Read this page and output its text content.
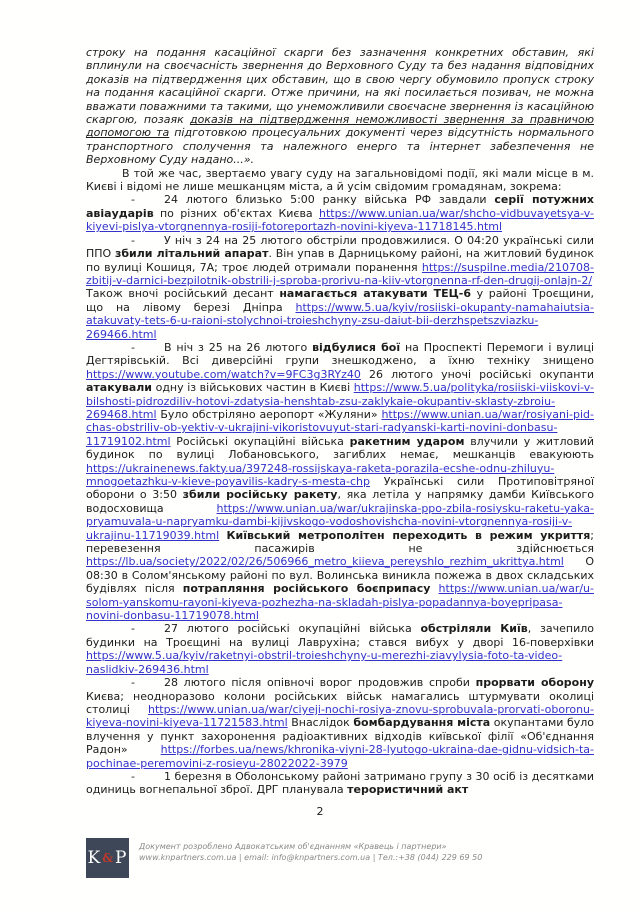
строку на подання касаційної скарги без зазначення конкретних обставин, які вплинули на своєчасність звернення до Верховного Суду та без надання відповідних доказів на підтвердження цих обставин, що в свою чергу обумовило пропуск строку на подання касаційної скарги. Отже причини, на які посилається позивач, не можна вважати поважними та такими, що унеможливили своєчасне звернення із касаційною скаргою, позаяк доказів на підтвердження неможливості звернення за правничою допомогою та підготовкою процесуальних документі через відсутність нормального транспортного сполучення та належного енерго та інтернет забезпечення не Верховному Суду надано...».

В той же час, звертаємо увагу суду на загальновідомі події, які мали місце в м. Києві і відомі не лише мешканцям міста, а й усім свідомим громадянам, зокрема:

-	24 лютого близько 5:00 ранку війська РФ завдали серії потужних авіаударів по різних об'єктах Києва https://www.unian.ua/war/shcho-vidbuvayetsya-v-kiyevi-pislya-vtorgnennya-rosiji-fotoreportazh-novini-kiyeva-11718145.html

-	У ніч з 24 на 25 лютого обстріли продовжилися. О 04:20 українські сили ППО збили літальний апарат. Він упав в Дарницькому районі, на житловий будинок по вулиці Кошиця, 7А; троє людей отримали поранення https://suspilne.media/210708-zbitij-v-darnici-bezpilotnik-obstrili-j-sproba-prorivu-na-kiiv-vtorgnenna-rf-den-drugij-onlajn-2/ Також вночі російський десант намагається атакувати ТЕЦ-6 у районі Троєщини, що на лівому березі Дніпра https://www.5.ua/kyiv/rosiiski-okupanty-namahaiutsia-atakuvaty-tets-6-u-raioni-stolychnoi-troieshchyny-zsu-daiut-bii-derzhspetszviazku-269466.html

-	В ніч з 25 на 26 лютого відбулися бої на Проспекті Перемоги і вулиці Дегтярівській. Всі диверсійні групи знешкоджено, а їхню техніку знищено https://www.youtube.com/watch?v=9FC3g3RYz40 26 лютого уночі російські окупанти атакували одну із військових частин в Києві https://www.5.ua/polityka/rosiiski-viiskovi-v-bilshosti-pidrozdiliv-hotovi-zdatysia-henshtab-zsu-zaklykaie-okupantiv-sklasty-zbroiu-269468.html Було обстріляно аеропорт «Жуляни» https://www.unian.ua/war/rosiyani-pid-chas-obstriliv-ob-yektiv-v-ukrajini-vikoristovuyut-stari-radyanski-karti-novini-donbasu-11719102.html Російські окупаційні війська ракетним ударом влучили у житловий будинок по вулиці Лобановського, загиблих немає, мешканців евакуюють https://ukrainenews.fakty.ua/397248-rossijskaya-raketa-porazila-ecshe-odnu-zhiluyu-mnogoetazhku-v-kieve-poyavilis-kadry-s-mesta-chp Українські сили Протиповітряної оборони о 3:50 збили російську ракету, яка летіла у напрямку дамби Київського водосховища https://www.unian.ua/war/ukrajinska-ppo-zbila-rosiysku-raketu-yaka-pryamuvala-u-napryamku-dambi-kijivskogo-vodoshovishcha-novini-vtorgnennya-rosiji-v-ukrajinu-11719039.html Київський метрополітен переходить в режим укриття; перевезення пасажирів не здійснюється https://lb.ua/society/2022/02/26/506966_metro_kiieva_pereyshlo_rezhim_ukrittya.html О 08:30 в Солом'янському районі по вул. Волинська виникла пожежа в двох складських будівлях після потрапляння російського боєприпасу https://www.unian.ua/war/u-solom-yanskomu-rayoni-kiyeva-pozhezha-na-skladah-pislya-popadannya-boyepripasa-novini-donbasu-11719078.html

-	27 лютого російські окупаційні війська обстріляли Київ, зачепило будинки на Троєщині на вулиці Лаврухіна; стався вибух у дворі 16-поверхівки https://www.5.ua/kyiv/raketnyi-obstril-troieshchyny-u-merezhi-ziavylysia-foto-ta-video-naslidkiv-269436.html

-	28 лютого після опівночі ворог продовжив спроби прорвати оборону Києва; неодноразово колони російських військ намагались штурмувати околиці столиці https://www.unian.ua/war/ciyeji-nochi-rosiya-znovu-sprobuvala-prorvati-oboronu-kiyeva-novini-kiyeva-11721583.html Внаслідок бомбардування міста окупантами було влучення у пункт захоронення радіоактивних відходів київської філії «Об'єднання Радон» https://forbes.ua/news/khronika-viyni-28-lyutogo-ukraina-dae-gidnu-vidsich-ta-pochinae-peremovini-z-rosieyu-28022022-3979

-	1 березня в Оболонському районі затримано групу з 30 осіб із десятками одиниць вогнепальної зброї. ДРГ планувала терористичний акт

2
K & P
Документ розроблено Адвокатським об'єднанням «Кравець і партнери»
www.knpartners.com.ua | email: info@knpartners.com.ua | Тел.:+38 (044) 229 69 50
